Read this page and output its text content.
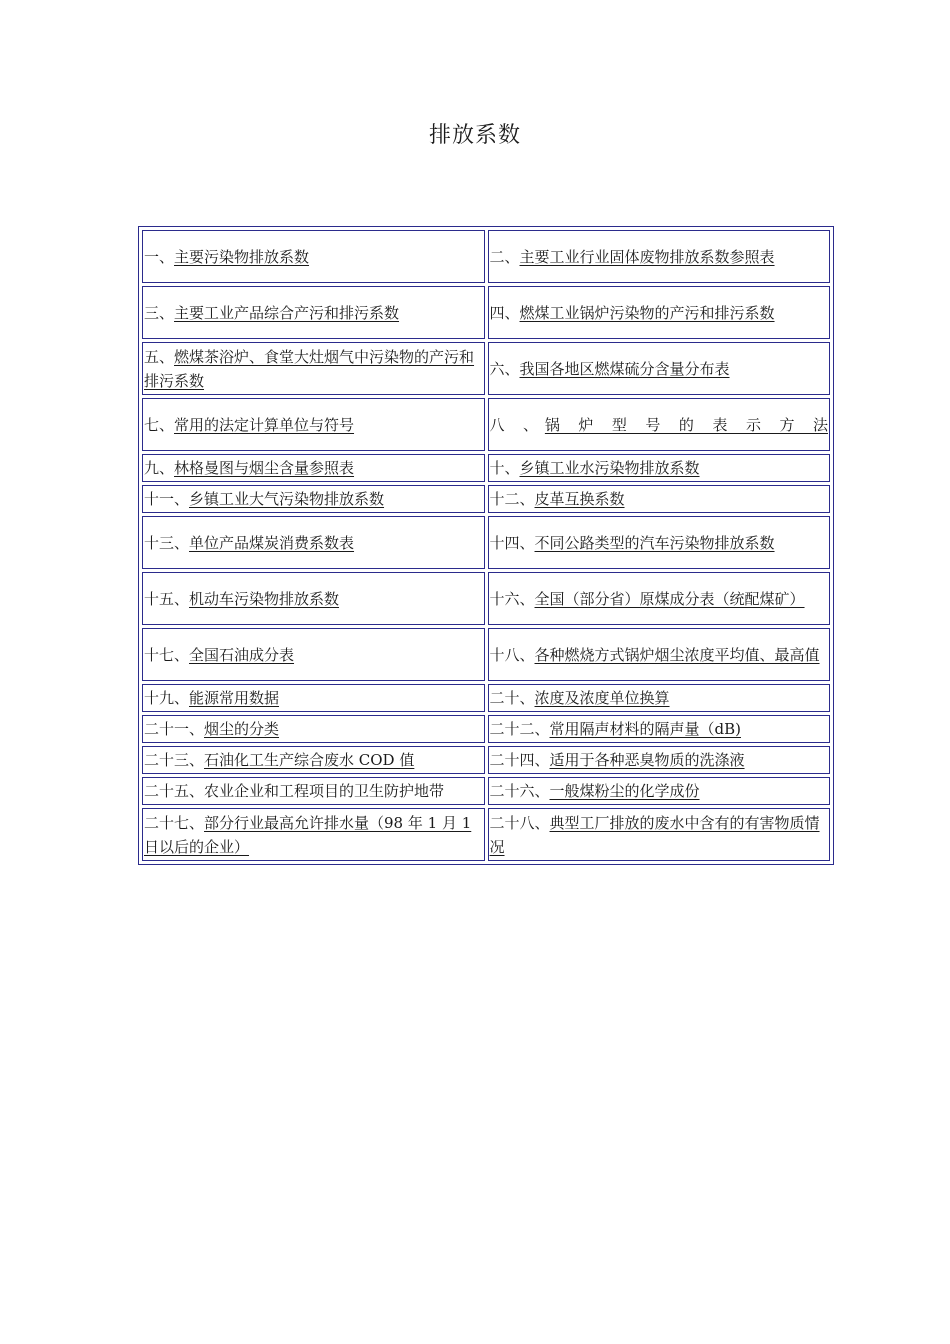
排放系数
一、主要污染物排放系数	二、主要工业行业固体废物排放系数参照表
三、主要工业产品综合产污和排污系数	四、燃煤工业锅炉污染物的产污和排污系数
五、燃煤茶浴炉、食堂大灶烟气中污染物的产污和排污系数	六、我国各地区燃煤硫分含量分布表
七、常用的法定计算单位与符号	八 、锅 炉 型 号 的 表 示 方 法
九、林格曼图与烟尘含量参照表	十、乡镇工业水污染物排放系数
十一、乡镇工业大气污染物排放系数	十二、皮革互换系数
十三、单位产品煤炭消费系数表	十四、不同公路类型的汽车污染物排放系数
十五、机动车污染物排放系数	十六、全国（部分省）原煤成分表（统配煤矿）
十七、全国石油成分表	十八、各种燃烧方式锅炉烟尘浓度平均值、最高值
十九、能源常用数据	二十、浓度及浓度单位换算
二十一、烟尘的分类	二十二、常用隔声材料的隔声量（dB)
二十三、石油化工生产综合废水 COD 值	二十四、适用于各种恶臭物质的洗涤液
二十五、农业企业和工程项目的卫生防护地带	二十六、一般煤粉尘的化学成份
二十七、部分行业最高允许排水量（98 年 1 月 1 日以后的企业）	二十八、典型工厂排放的废水中含有的有害物质情况
